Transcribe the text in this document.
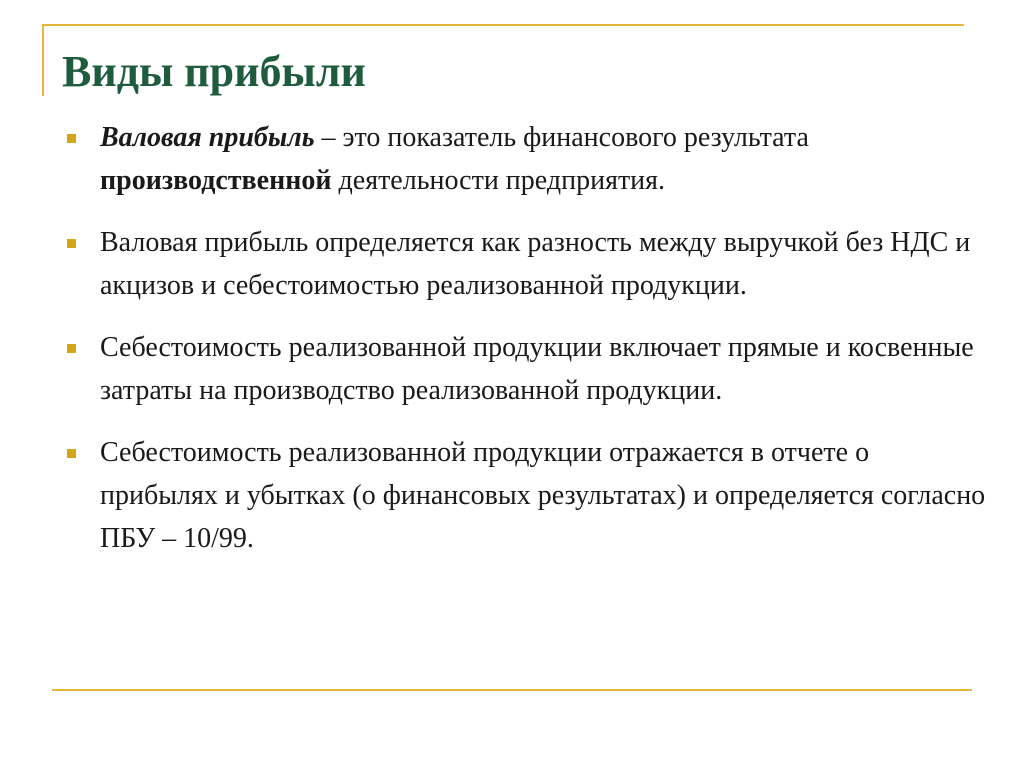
Виды прибыли
Валовая прибыль – это показатель финансового результата производственной деятельности предприятия.
Валовая прибыль определяется как разность между выручкой без НДС и акцизов и себестоимостью реализованной продукции.
Себестоимость реализованной продукции включает прямые и косвенные затраты на производство реализованной продукции.
Себестоимость реализованной продукции отражается в отчете о прибылях и убытках (о финансовых результатах) и определяется согласно ПБУ – 10/99.
